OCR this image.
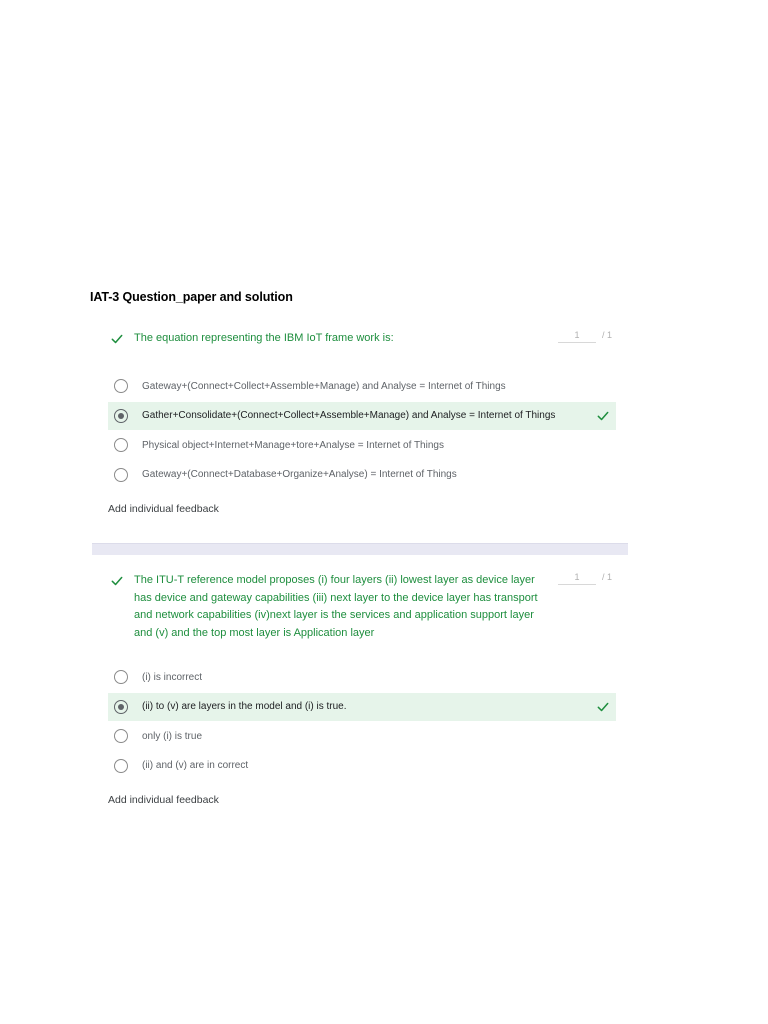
IAT-3 Question_paper and solution
The equation representing the IBM IoT frame work is:	1	/ 1
Gateway+(Connect+Collect+Assemble+Manage) and Analyse = Internet of Things
Gather+Consolidate+(Connect+Collect+Assemble+Manage) and Analyse = Internet of Things
Physical object+Internet+Manage+tore+Analyse = Internet of Things
Gateway+(Connect+Database+Organize+Analyse) = Internet of Things
Add individual feedback
The ITU-T reference model proposes (i) four layers (ii) lowest layer as device layer has device and gateway capabilities (iii) next layer to the device layer has transport and network capabilities (iv)next layer is the services and application support layer and (v) and the top most layer is Application layer
1	/ 1
(i) is incorrect
(ii) to (v) are layers in the model and (i) is true.
only (i) is true
(ii) and (v) are in correct
Add individual feedback
